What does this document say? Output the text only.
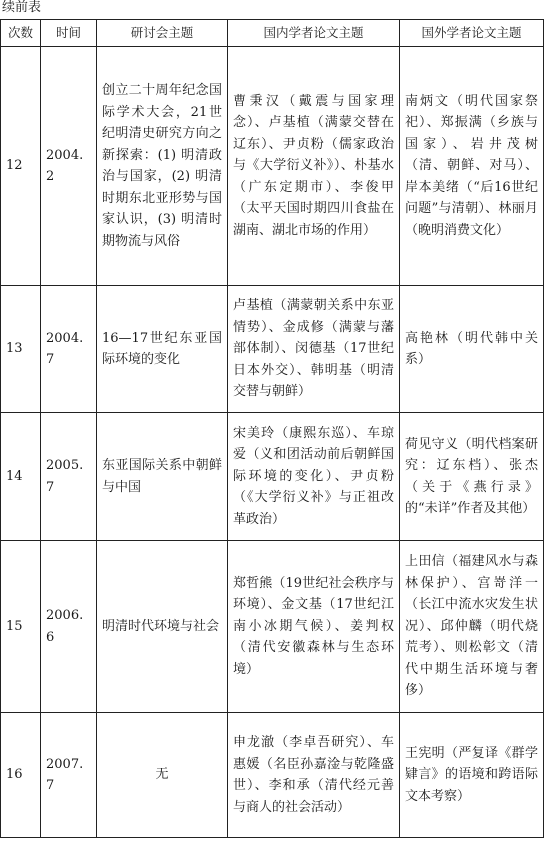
续前表
次数	时间	研讨会主题	国内学者论文主题	国外学者论文主题
12	2004.2	创立二十周年纪念国际学术大会，21世纪明清史研究方向之新探索：(1) 明清政治与国家，(2) 明清时期东北亚形势与国家认识，(3) 明清时期物流与风俗	曹秉汉（戴震与国家理念）、卢基植（满蒙交替在辽东）、尹贞粉（儒家政治与《大学衍义补》）、朴基水（广东定期市）、李俊甲（太平天国时期四川食盐在湖南、湖北市场的作用）	南炳文（明代国家祭祀）、郑振满（乡族与国家）、岩井茂树（清、朝鲜、对马）、岸本美绪（“后16世纪问题”与清朝）、林丽月（晚明消费文化）
13	2004.7	16—17世纪东亚国际环境的变化	卢基植（满蒙朝关系中东亚情势）、金成修（满蒙与藩部体制）、闵德基（17世纪日本外交）、韩明基（明清交替与朝鲜）	高艳林（明代韩中关系）
14	2005.7	东亚国际关系中朝鲜与中国	宋美玲（康熙东巡）、车琼爱（义和团活动前后朝鲜国际环境的变化）、尹贞粉（《大学衍义补》与正祖改革政治）	荷见守义（明代档案研究：辽东档）、张杰（关于《燕行录》的“未详”作者及其他）
15	2006.6	明清时代环境与社会	郑哲熊（19世纪社会秩序与环境）、金文基（17世纪江南小冰期气候）、姜判权（清代安徽森林与生态环境）	上田信（福建风水与森林保护）、宫嵜洋一（长江中流水灾发生状况）、邱仲麟（明代烧荒考）、则松彰文（清代中期生活环境与奢侈）
16	2007.7	无	申龙澈（李卓吾研究）、车惠媛（名臣孙嘉淦与乾隆盛世）、李和承（清代经元善与商人的社会活动）	王宪明（严复译《群学肄言》的语境和跨语际文本考察）
